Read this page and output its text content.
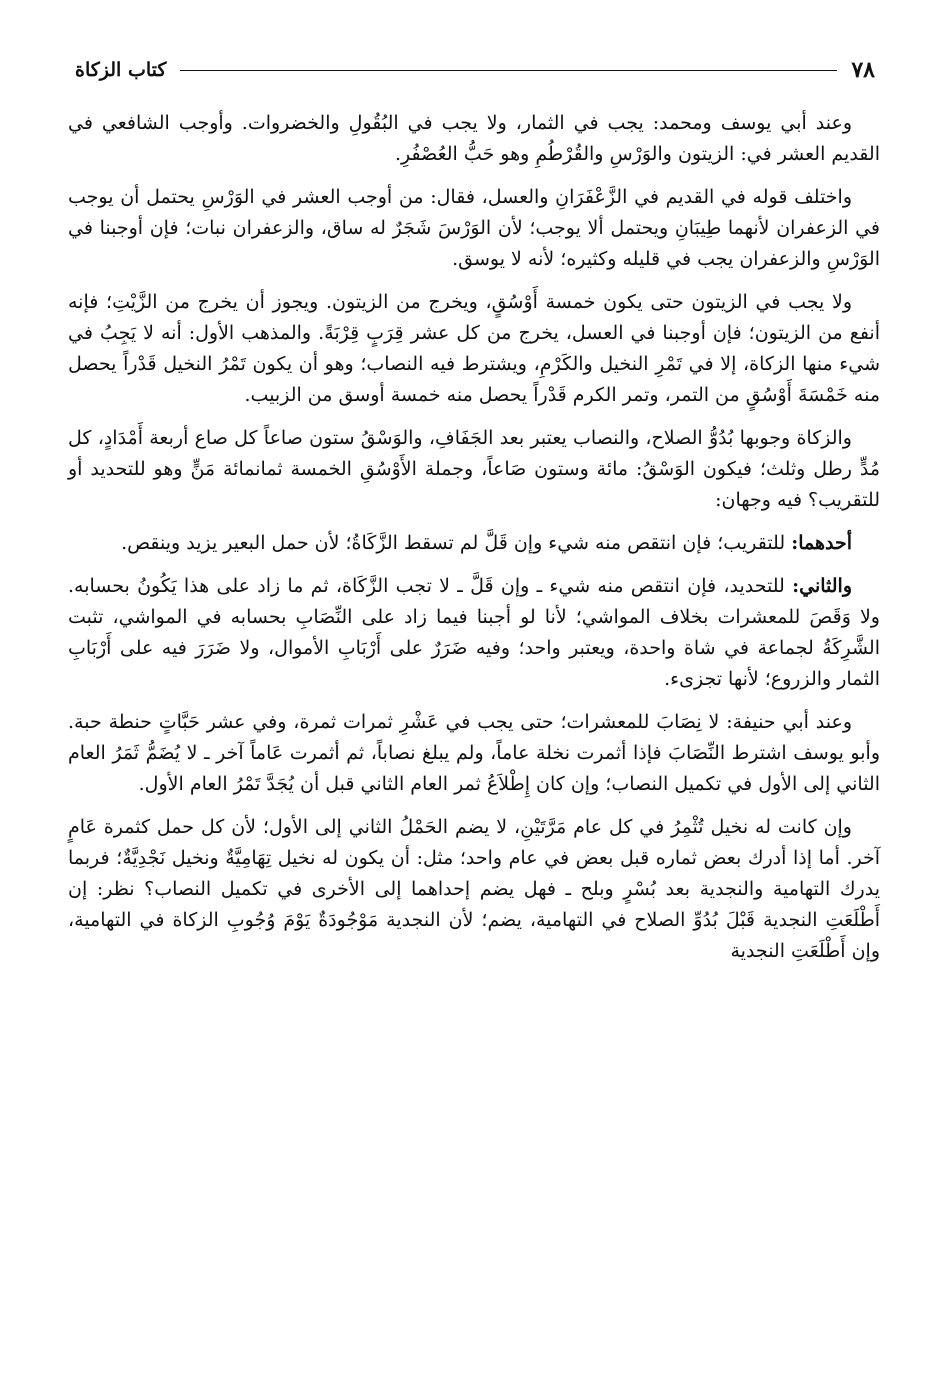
٧٨
كتاب الزكاة

وعند أبي يوسف ومحمد: يجب في الثمار، ولا يجب في البُقُولِ والخضروات. وأوجب الشافعي في القديم العشر في: الزيتون والوَرْسِ والقُرْطُمِ وهو حَبُّ العُصْفُرِ.

واختلف قوله في القديم في الزَّعْفَرَانِ والعسل، فقال: من أوجب العشر في الوَرْسِ يحتمل أن يوجب في الزعفران لأنهما طِيبَانِ ويحتمل ألا يوجب؛ لأن الوَرْسَ شَجَرٌ له ساق، والزعفران نبات؛ فإن أوجبنا في الوَرْسِ والزعفران يجب في قليله وكثيره؛ لأنه لا يوسق.

ولا يجب في الزيتون حتى يكون خمسة أَوْسُقٍ، ويخرج من الزيتون. ويجوز أن يخرج من الزَّيْتِ؛ فإنه أنفع من الزيتون؛ فإن أوجبنا في العسل، يخرج من كل عشر قِرَبٍ قِرْبَةً. والمذهب الأول: أنه لا يَجِبُ في شيء منها الزكاة، إلا في تَمْرِ النخيل والكَرْمِ، ويشترط فيه النصاب؛ وهو أن يكون تَمْرُ النخيل قَدْراً يحصل منه خَمْسَةَ أَوْسُقٍ من التمر، وتمر الكرم قَدْراً يحصل منه خمسة أوسق من الزبيب.

والزكاة وجوبها بُدُوُّ الصلاح، والنصاب يعتبر بعد الجَفَافِ، والوَسْقُ ستون صاعاً كل صاع أربعة أَمْدَادٍ، كل مُدٍّ رطل وثلث؛ فيكون الوَسْقُ: مائة وستون صَاعاً، وجملة الأَوْسُقِ الخمسة ثمانمائة مَنٍّ وهو للتحديد أو للتقريب؟ فيه وجهان:

أحدهما: للتقريب؛ فإن انتقص منه شيء وإن قَلَّ لم تسقط الزَّكَاةُ؛ لأن حمل البعير يزيد وينقص.

والثاني: للتحديد، فإن انتقص منه شيء ـ وإن قَلَّ ـ لا تجب الزَّكَاة، ثم ما زاد على هذا يَكُونُ بحسابه. ولا وَقَصَ للمعشرات بخلاف المواشي؛ لأنا لو أجبنا فيما زاد على النِّصَابِ بحسابه في المواشي، تثبت الشَّرِكَةُ لجماعة في شاة واحدة، ويعتبر واحد؛ وفيه ضَرَرٌ على أَرْبَابِ الأموال، ولا ضَرَرَ فيه على أَرْبَابِ الثمار والزروع؛ لأنها تجزىء.

وعند أبي حنيفة: لا نِصَابَ للمعشرات؛ حتى يجب في عَشْرِ ثمرات ثمرة، وفي عشر حَبَّاتٍ حنطة حبة. وأبو يوسف اشترط النِّصَابَ فإذا أثمرت نخلة عاماً، ولم يبلغ نصاباً، ثم أثمرت عَاماً آخر ـ لا يُضَمُّ ثَمَرُ العام الثاني إلى الأول في تكميل النصاب؛ وإن كان إِطْلاَعُ ثمر العام الثاني قبل أن يُجَدَّ تَمْرُ العام الأول.

وإن كانت له نخيل تُثْمِرُ في كل عام مَرَّتَيْنِ، لا يضم الحَمْلُ الثاني إلى الأول؛ لأن كل حمل كثمرة عَامٍ آخر. أما إذا أدرك بعض ثماره قبل بعض في عام واحد؛ مثل: أن يكون له نخيل تِهَامِيَّةٌ ونخيل نَجْدِيَّةٌ؛ فربما يدرك التهامية والنجدية بعد بُسْرٍ وبلح ـ فهل يضم إحداهما إلى الأخرى في تكميل النصاب؟ نظر: إن أَطْلَعَتِ النجدية قَبْلَ بُدُوِّ الصلاح في التهامية، يضم؛ لأن النجدية مَوْجُودَةٌ يَوْمَ وُجُوبِ الزكاة في التهامية، وإن أَطْلَعَتِ النجدية
